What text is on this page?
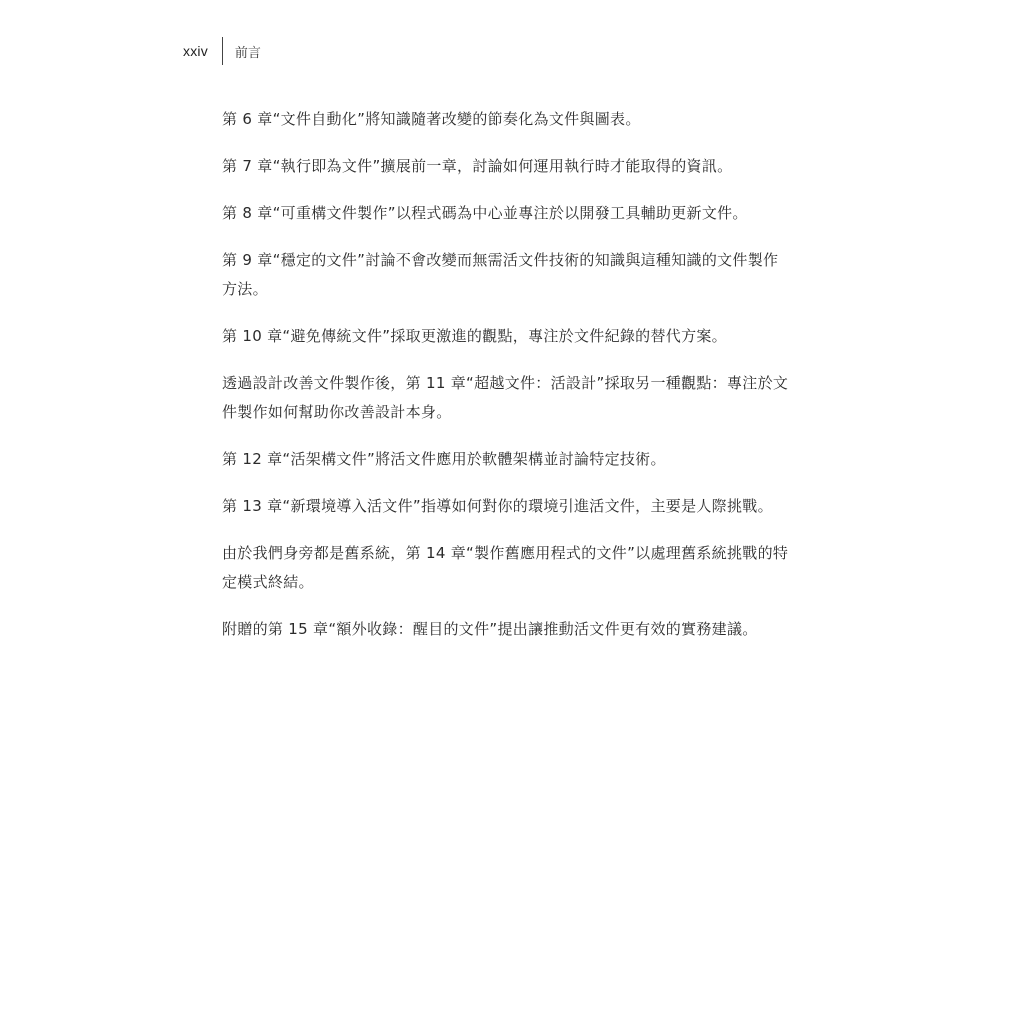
xxiv 前言

第 6 章“文件自動化”將知識隨著改變的節奏化為文件與圖表。

第 7 章“執行即為文件”擴展前一章，討論如何運用執行時才能取得的資訊。

第 8 章“可重構文件製作”以程式碼為中心並專注於以開發工具輔助更新文件。

第 9 章“穩定的文件”討論不會改變而無需活文件技術的知識與這種知識的文件製作方法。

第 10 章“避免傳統文件”採取更激進的觀點，專注於文件紀錄的替代方案。

透過設計改善文件製作後，第 11 章“超越文件：活設計”採取另一種觀點：專注於文件製作如何幫助你改善設計本身。

第 12 章“活架構文件”將活文件應用於軟體架構並討論特定技術。

第 13 章“新環境導入活文件”指導如何對你的環境引進活文件，主要是人際挑戰。

由於我們身旁都是舊系統，第 14 章“製作舊應用程式的文件”以處理舊系統挑戰的特定模式終結。

附贈的第 15 章“額外收錄：醒目的文件”提出讓推動活文件更有效的實務建議。
